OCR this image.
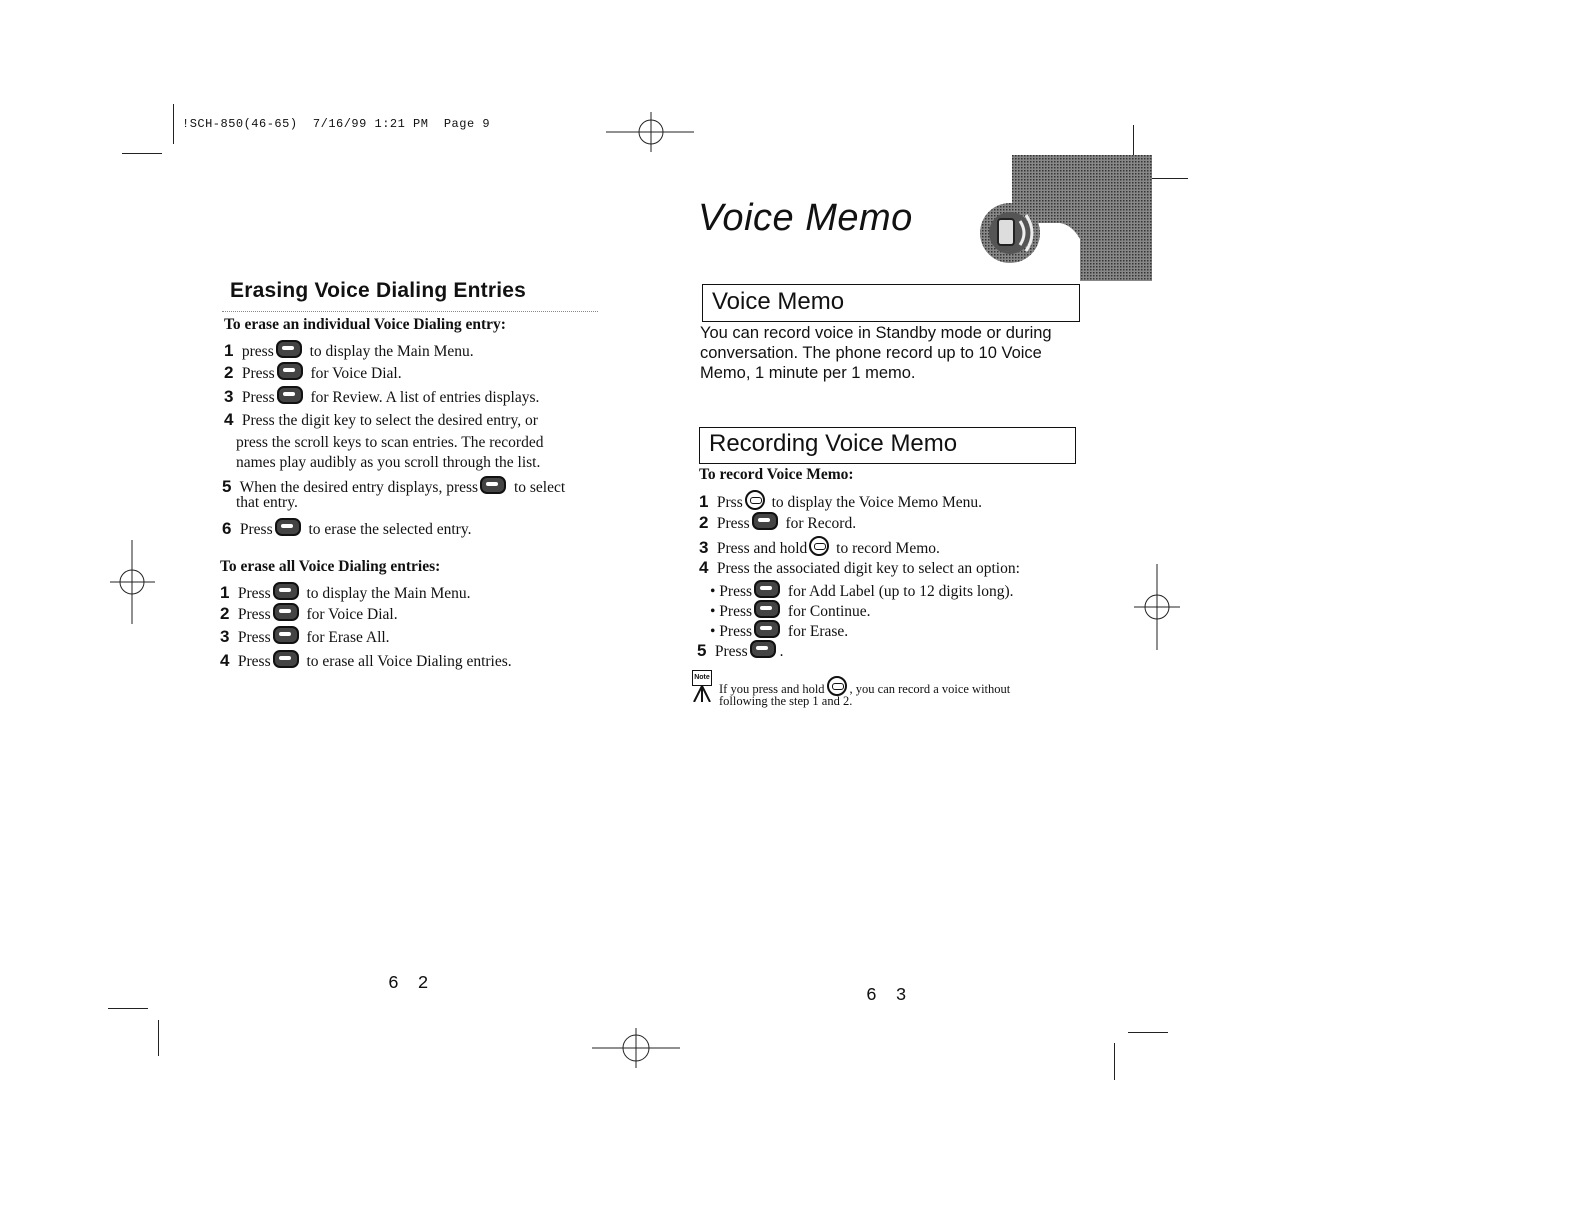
!SCH-850(46-65)  7/16/99 1:21 PM  Page 9
Erasing Voice Dialing Entries
To erase an individual Voice Dialing entry:
1 press to display the Main Menu.
2 Press for Voice Dial.
3 Press for Review. A list of entries displays.
4 Press the digit key to select the desired entry, or
press the scroll keys to scan entries. The recorded
names play audibly as you scroll through the list.
5 When the desired entry displays, press to select
that entry.
6 Press to erase the selected entry.
To erase all Voice Dialing entries:
1 Press to display the Main Menu.
2 Press for Voice Dial.
3 Press for Erase All.
4 Press to erase all Voice Dialing entries.
6 2
Voice Memo
Voice Memo
You can record voice in Standby mode or during conversation. The phone record up to 10 Voice Memo, 1 minute per 1 memo.
Recording Voice Memo
To record Voice Memo:
1 Prss to display the Voice Memo Menu.
2 Press for Record.
3 Press and hold to record Memo.
4 Press the associated digit key to select an option:
• Press for Add Label (up to 12 digits long).
• Press for Continue.
• Press for Erase.
5 Press .
Note
If you press and hold , you can record a voice without
following the step 1 and 2.
6 3
